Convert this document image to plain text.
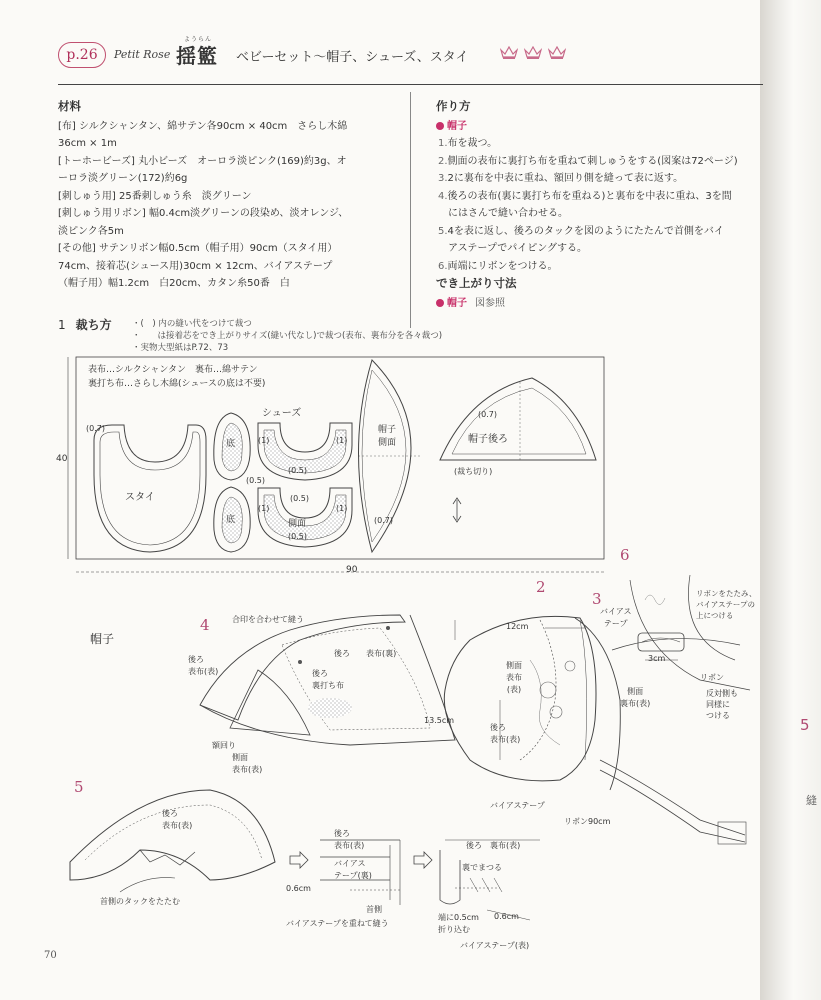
5
縫
p.26	Petit Rose
ようらん
揺籃 ベビーセット〜帽子、シューズ、スタイ
材料
[布] シルクシャンタン、綿サテン各90cm × 40cm　さらし木綿
36cm × 1m
[トーホービーズ] 丸小ビーズ　オーロラ淡ピンク(169)約3g、オ
ーロラ淡グリーン(172)約6g
[刺しゅう用] 25番刺しゅう糸　淡グリーン
[刺しゅう用リボン] 幅0.4cm淡グリーンの段染め、淡オレンジ、
淡ピンク各5m
[その他] サテンリボン幅0.5cm（帽子用）90cm（スタイ用）
74cm、接着芯(シュース用)30cm × 12cm、バイアステープ
（帽子用）幅1.2cm　白20cm、カタン糸50番　白
作り方
帽子
1.布を裁つ。
2.側面の表布に裏打ち布を重ねて刺しゅうをする(図案は72ページ)
3.2に裏布を中表に重ね、額回り側を縫って表に返す。
4.後ろの表布(裏に裏打ち布を重ねる)と裏布を中表に重ね、3を間
にはさんで縫い合わせる。
5.4を表に返し、後ろのタックを図のようにたたんで首側をバイ
アステープでパイピングする。
6.両端にリボンをつける。
でき上がり寸法
帽子 図参照
1 裁ち方 ・(　) 内の縫い代をつけて裁つ
・　　は接着芯をでき上がりサイズ(縫い代なし)で裁つ(表布、裏布分を各々裁つ)
・実物大型紙はP.72、73
表布…シルクシャンタン　裏布…綿サテン
裏打ち布…さらし木綿(シュースの底は不要)
40
90
スタイ
シューズ
底
底	側面
帽子
側面	帽子後ろ
(裁ち切り)
(0.7)
(0.7)
(0.7)
(0.5)
(0.5)
(0.5)
(0.5)
(1)	(1)
(1)	(1)
帽子
2
3
4
5
6
合印を合わせて縫う
後ろ 表布(裏)
後ろ
表布(表)	後ろ
裏打ち布
額回り
側面
表布(表)
12cm
側面
表布
(表)
13.5cm
後ろ
表布(表)
バイアステープ
リボン90cm
バイアス
テープ
側面
裏布(表)
リボンをたたみ、
バイアステープの
上につける
3cm
リボン
反対側も
同様に
つける
後ろ
表布(表)
首側のタックをたたむ
後ろ
表布(表)
バイアス
テープ(裏)
首側
0.6cm
バイアステープを重ねて縫う
後ろ　裏布(表)
裏でまつる
端に0.5cm
折り込む
0.6cm
バイアステープ(表)
70
